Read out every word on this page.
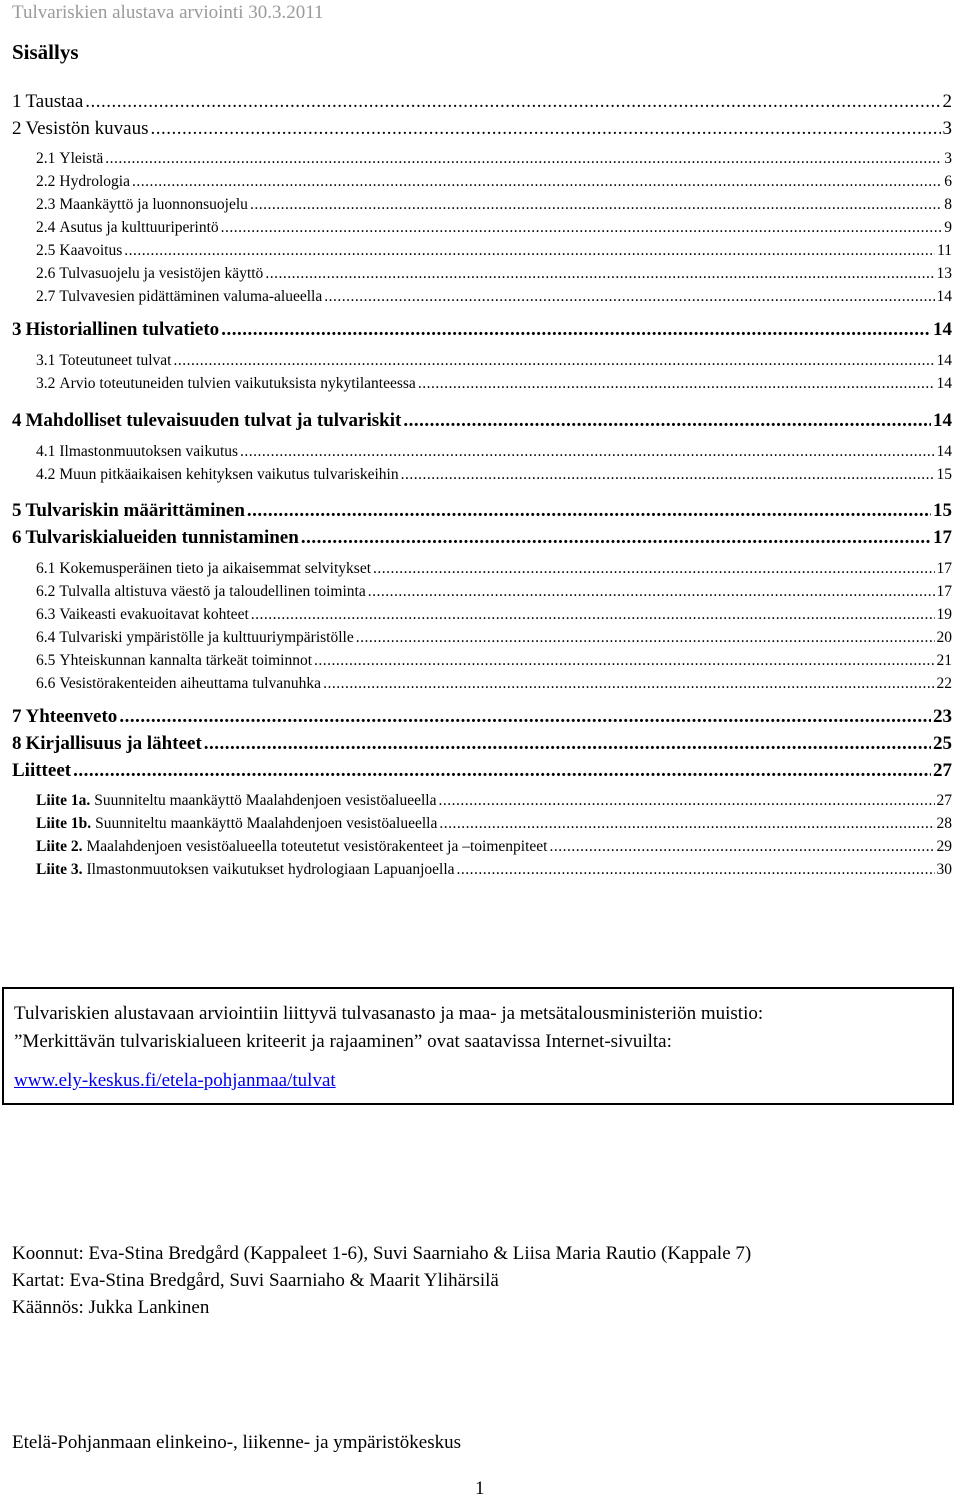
Tulvariskien alustava arviointi 30.3.2011
Sisällys
1 Taustaa .....	2
2 Vesistön kuvaus .....	3
2.1 Yleistä .....	3
2.2 Hydrologia .....	6
2.3 Maankäyttö ja luonnonsuojelu .....	8
2.4 Asutus ja kulttuuriperintö .....	9
2.5 Kaavoitus .....	11
2.6 Tulvasuojelu ja vesistöjen käyttö .....	13
2.7 Tulvavesien pidättäminen valuma-alueella .....	14
3 Historiallinen tulvatieto .....	14
3.1 Toteutuneet tulvat .....	14
3.2 Arvio toteutuneiden tulvien vaikutuksista nykytilanteessa .....	14
4 Mahdolliset tulevaisuuden tulvat ja tulvariskit .....	14
4.1 Ilmastonmuutoksen vaikutus .....	14
4.2 Muun pitkäaikaisen kehityksen vaikutus tulvariskeihin .....	15
5 Tulvariskin määrittäminen .....	15
6 Tulvariskialueiden tunnistaminen .....	17
6.1 Kokemusperäinen tieto ja aikaisemmat selvitykset .....	17
6.2 Tulvalla altistuva väestö ja taloudellinen toiminta .....	17
6.3 Vaikeasti evakuoitavat kohteet .....	19
6.4 Tulvariski ympäristölle ja kulttuuriympäristölle .....	20
6.5 Yhteiskunnan kannalta tärkeät toiminnot .....	21
6.6 Vesistörakenteiden aiheuttama tulvanuhka .....	22
7 Yhteenveto .....	23
8 Kirjallisuus ja lähteet .....	25
Liitteet .....	27
Liite 1a. Suunniteltu maankäyttö Maalahdenjoen vesistöalueella .....	27
Liite 1b. Suunniteltu maankäyttö Maalahdenjoen vesistöalueella .....	28
Liite 2. Maalahdenjoen vesistöalueella toteutetut vesistörakenteet ja –toimenpiteet .....	29
Liite 3. Ilmastonmuutoksen vaikutukset hydrologiaan Lapuanjoella .....	30
Tulvariskien alustavaan arviointiin liittyvä tulvasanasto ja maa- ja metsätalousministeriön muistio:
”Merkittävän tulvariskialueen kriteerit ja rajaaminen” ovat saatavissa Internet-sivuilta:
www.ely-keskus.fi/etela-pohjanmaa/tulvat
Koonnut: Eva-Stina Bredgård (Kappaleet 1-6), Suvi Saarniaho & Liisa Maria Rautio (Kappale 7)
Kartat: Eva-Stina Bredgård, Suvi Saarniaho & Maarit Ylihärsilä
Käännös: Jukka Lankinen
Etelä-Pohjanmaan elinkeino-, liikenne- ja ympäristökeskus
1
